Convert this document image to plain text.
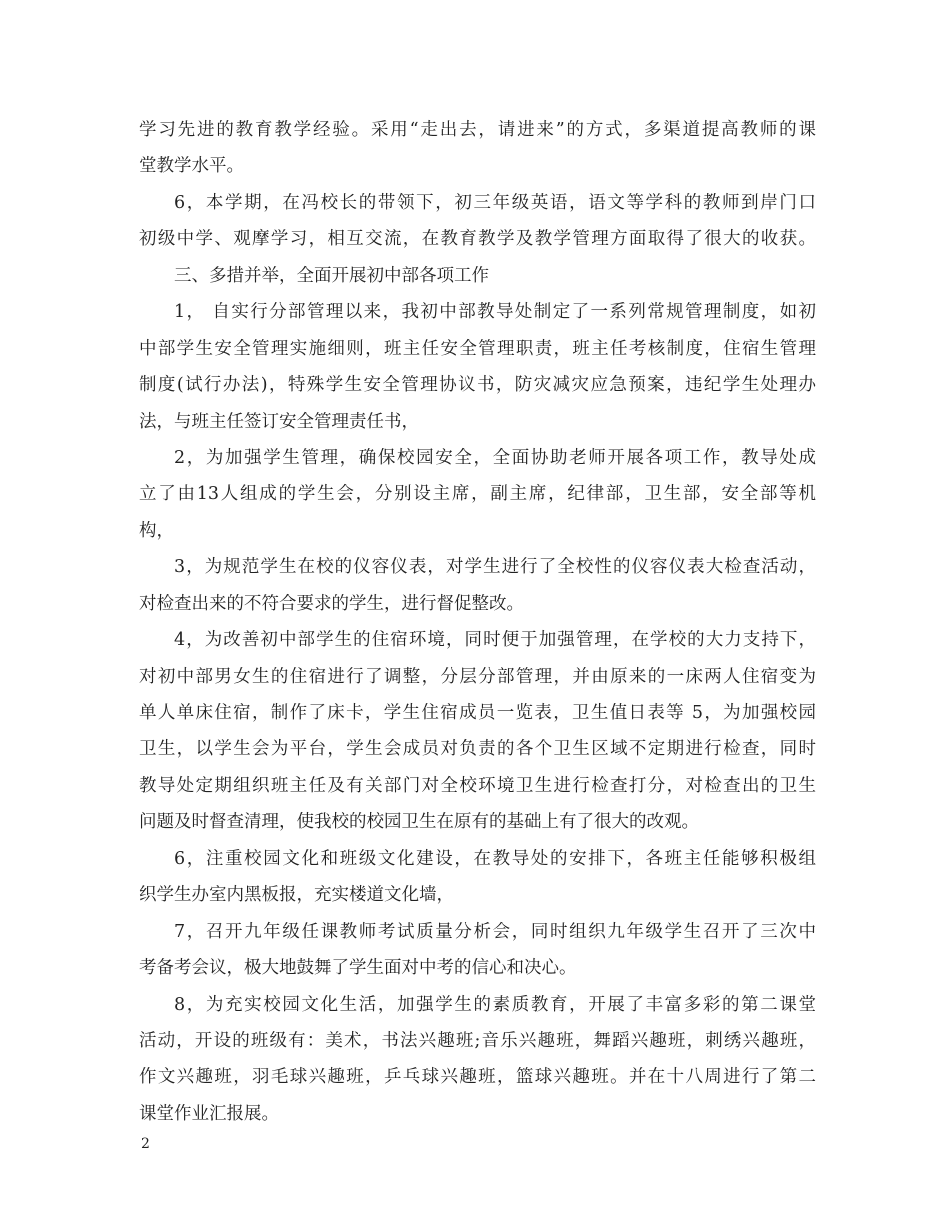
学习先进的教育教学经验。采用“走出去，请进来”的方式，多渠道提高教师的课
堂教学水平。
6，本学期，在冯校长的带领下，初三年级英语，语文等学科的教师到岸门口
初级中学、观摩学习，相互交流，在教育教学及教学管理方面取得了很大的收获。
三、多措并举，全面开展初中部各项工作
1， 自实行分部管理以来，我初中部教导处制定了一系列常规管理制度，如初
中部学生安全管理实施细则，班主任安全管理职责，班主任考核制度，住宿生管理
制度(试行办法)，特殊学生安全管理协议书，防灾减灾应急预案，违纪学生处理办
法，与班主任签订安全管理责任书，
2，为加强学生管理，确保校园安全，全面协助老师开展各项工作，教导处成
立了由13人组成的学生会，分别设主席，副主席，纪律部，卫生部，安全部等机
构，
3，为规范学生在校的仪容仪表，对学生进行了全校性的仪容仪表大检查活动，
对检查出来的不符合要求的学生，进行督促整改。
4，为改善初中部学生的住宿环境，同时便于加强管理，在学校的大力支持下，
对初中部男女生的住宿进行了调整，分层分部管理，并由原来的一床两人住宿变为
单人单床住宿，制作了床卡，学生住宿成员一览表，卫生值日表等 5，为加强校园
卫生，以学生会为平台，学生会成员对负责的各个卫生区域不定期进行检查，同时
教导处定期组织班主任及有关部门对全校环境卫生进行检查打分，对检查出的卫生
问题及时督查清理，使我校的校园卫生在原有的基础上有了很大的改观。
6，注重校园文化和班级文化建设，在教导处的安排下，各班主任能够积极组
织学生办室内黑板报，充实楼道文化墙，
7，召开九年级任课教师考试质量分析会，同时组织九年级学生召开了三次中
考备考会议，极大地鼓舞了学生面对中考的信心和决心。
8，为充实校园文化生活，加强学生的素质教育，开展了丰富多彩的第二课堂
活动，开设的班级有：美术，书法兴趣班;音乐兴趣班，舞蹈兴趣班，刺绣兴趣班，
作文兴趣班，羽毛球兴趣班，乒乓球兴趣班，篮球兴趣班。并在十八周进行了第二
课堂作业汇报展。
2
